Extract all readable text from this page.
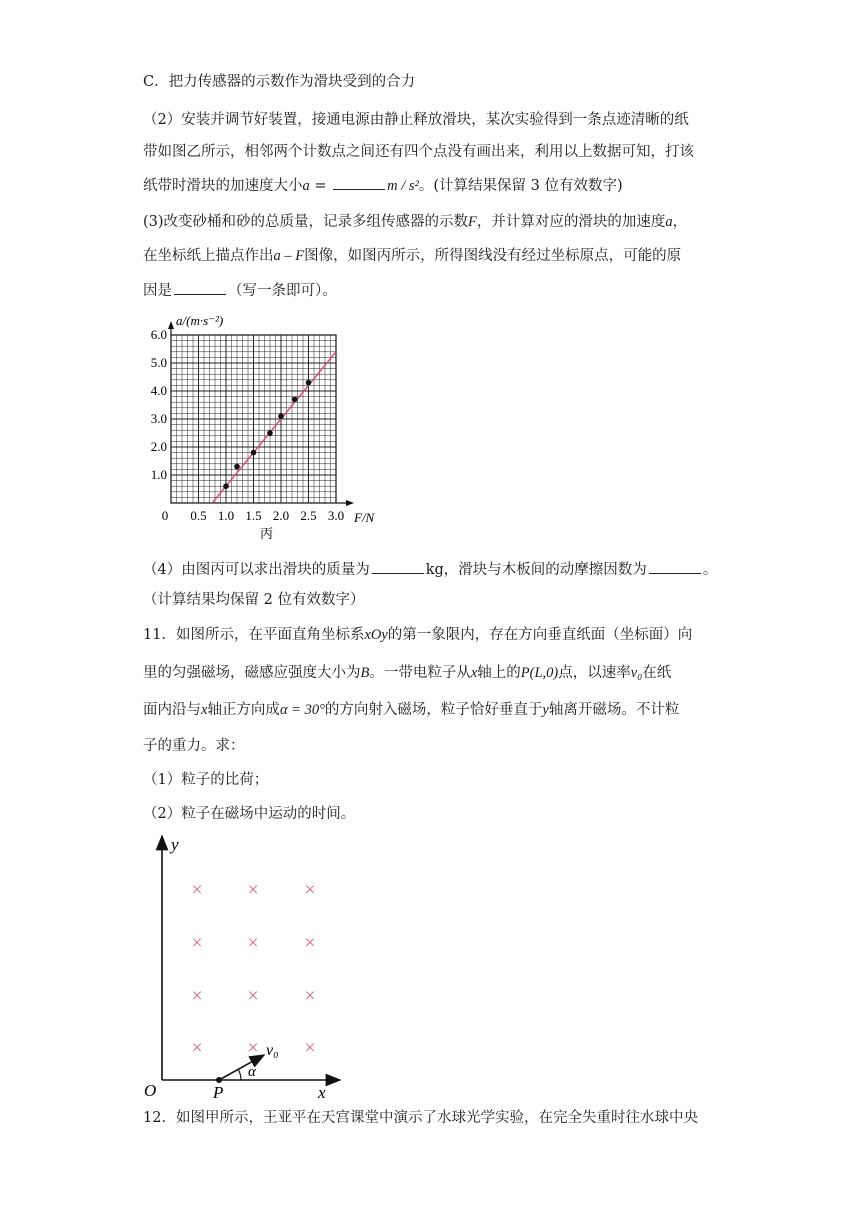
C．把力传感器的示数作为滑块受到的合力
（2）安装并调节好装置，接通电源由静止释放滑块，某次实验得到一条点迹清晰的纸
带如图乙所示，相邻两个计数点之间还有四个点没有画出来，利用以上数据可知，打该
纸带时滑块的加速度大小a =	m / s²。(计算结果保留 3 位有效数字)
(3)改变砂桶和砂的总质量，记录多组传感器的示数F，并计算对应的滑块的加速度a，
在坐标纸上描点作出a – F图像，如图丙所示，所得图线没有经过坐标原点，可能的原
因是	（写一条即可）。
0 0.5 1.0 1.5 2.0 2.5 3.0
1.0
2.0
3.0
4.0
5.0
6.0
a/(m·s⁻²)
F/N
丙
（4）由图丙可以求出滑块的质量为	kg，滑块与木板间的动摩擦因数为	。
（计算结果均保留 2 位有效数字）
11．如图所示，在平面直角坐标系xOy的第一象限内，存在方向垂直纸面（坐标面）向
里的匀强磁场，磁感应强度大小为B。一带电粒子从x轴上的P(L,0)点，以速率v₀在纸
面内沿与x轴正方向成α = 30°的方向射入磁场，粒子恰好垂直于y轴离开磁场。不计粒
子的重力。求：
（1）粒子的比荷；
（2）粒子在磁场中运动的时间。
y
x
O	P
v₀
α
× × ×
× × ×
× × ×
× × ×
12．如图甲所示，王亚平在天宫课堂中演示了水球光学实验，在完全失重时往水球中央
